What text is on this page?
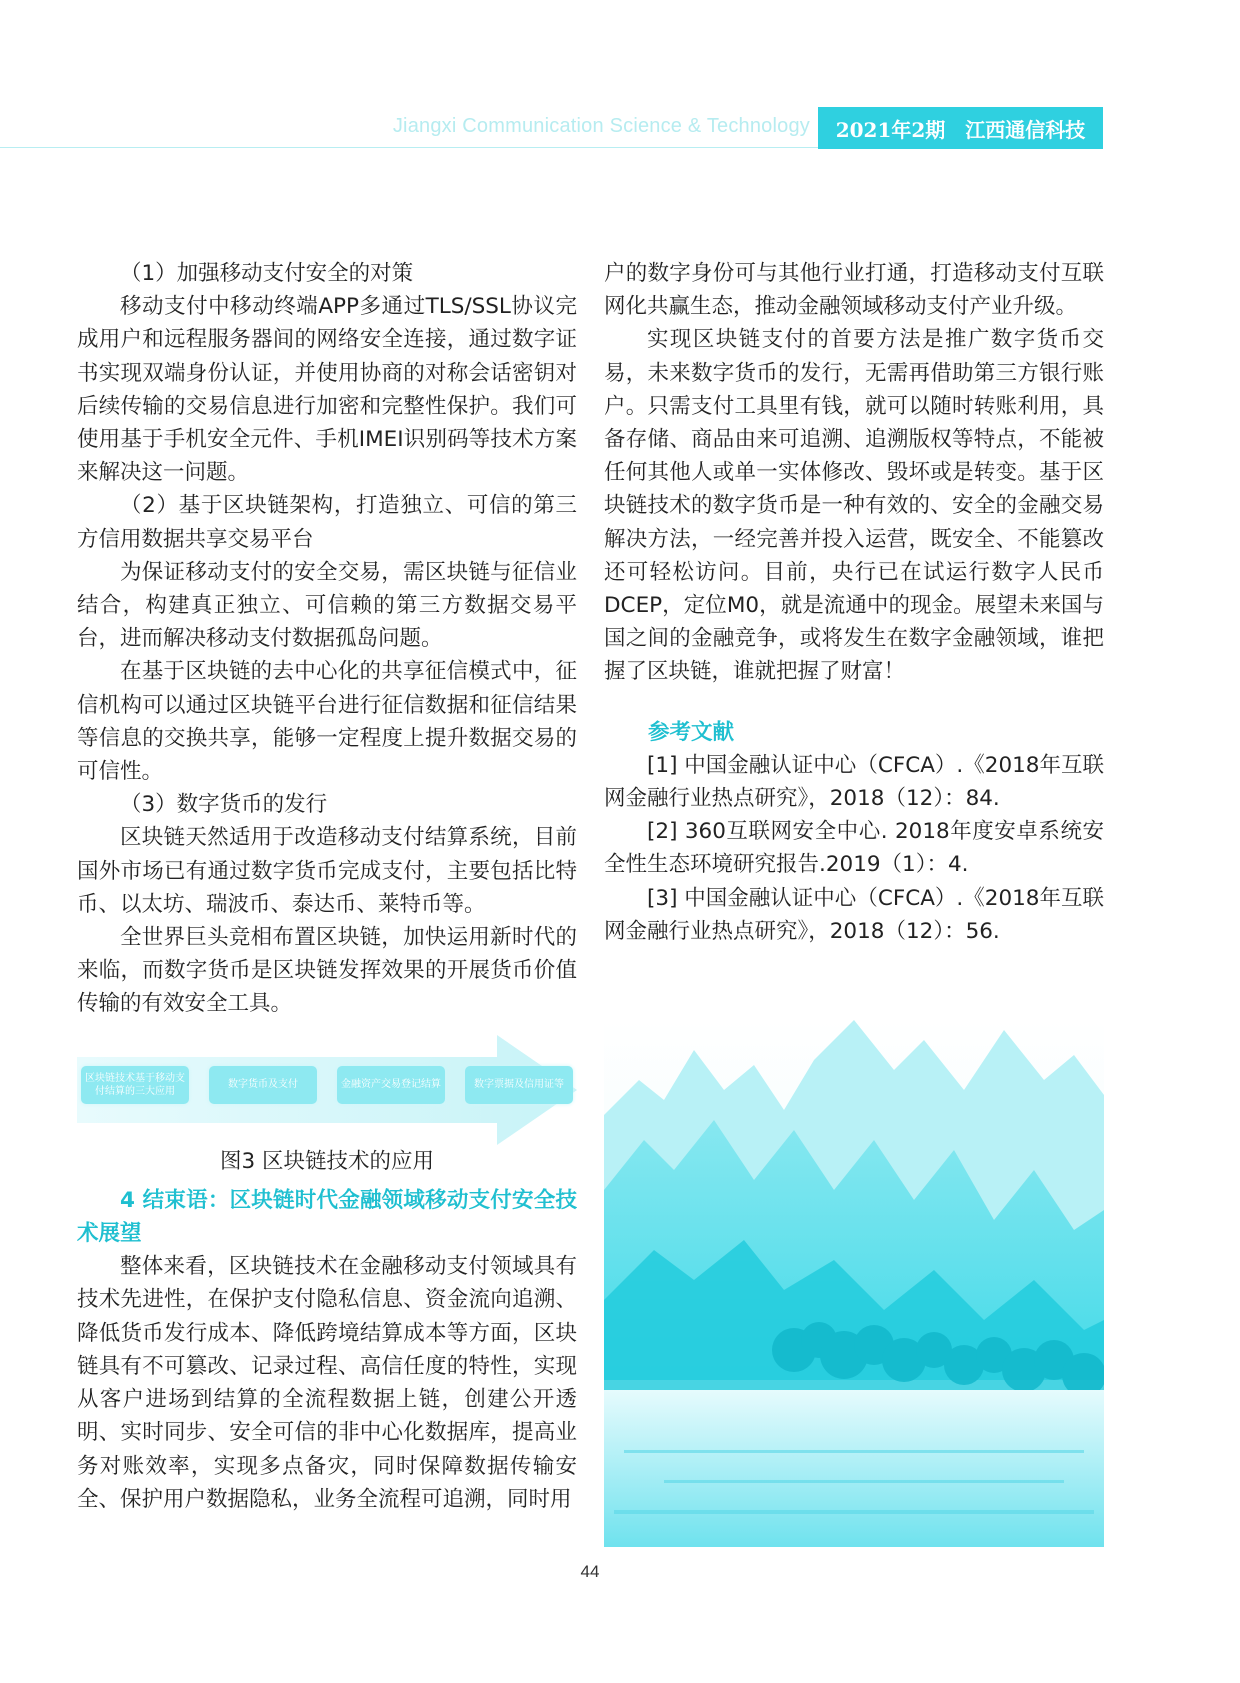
Jiangxi Communication Science & Technology 2021年2期 江西通信科技

（1）加强移动支付安全的对策

移动支付中移动终端APP多通过TLS/SSL协议完成用户和远程服务器间的网络安全连接，通过数字证书实现双端身份认证，并使用协商的对称会话密钥对后续传输的交易信息进行加密和完整性保护。我们可使用基于手机安全元件、手机IMEI识别码等技术方案来解决这一问题。

（2）基于区块链架构，打造独立、可信的第三方信用数据共享交易平台

为保证移动支付的安全交易，需区块链与征信业结合，构建真正独立、可信赖的第三方数据交易平台，进而解决移动支付数据孤岛问题。

在基于区块链的去中心化的共享征信模式中，征信机构可以通过区块链平台进行征信数据和征信结果等信息的交换共享，能够一定程度上提升数据交易的可信性。

（3）数字货币的发行

区块链天然适用于改造移动支付结算系统，目前国外市场已有通过数字货币完成支付，主要包括比特币、以太坊、瑞波币、泰达币、莱特币等。

全世界巨头竞相布置区块链，加快运用新时代的来临，而数字货币是区块链发挥效果的开展货币价值传输的有效安全工具。

区块链技术基于移动支付结算的三大应用
数字货币及支付	金融资产交易登记结算	数字票据及信用证等

图3 区块链技术的应用

4 结束语：区块链时代金融领域移动支付安全技术展望

整体来看，区块链技术在金融移动支付领域具有技术先进性，在保护支付隐私信息、资金流向追溯、降低货币发行成本、降低跨境结算成本等方面，区块链具有不可篡改、记录过程、高信任度的特性，实现从客户进场到结算的全流程数据上链，创建公开透明、实时同步、安全可信的非中心化数据库，提高业务对账效率，实现多点备灾，同时保障数据传输安全、保护用户数据隐私，业务全流程可追溯，同时用

户的数字身份可与其他行业打通，打造移动支付互联网化共赢生态，推动金融领域移动支付产业升级。

实现区块链支付的首要方法是推广数字货币交易，未来数字货币的发行，无需再借助第三方银行账户。只需支付工具里有钱，就可以随时转账利用，具备存储、商品由来可追溯、追溯版权等特点，不能被任何其他人或单一实体修改、毁坏或是转变。基于区块链技术的数字货币是一种有效的、安全的金融交易解决方法，一经完善并投入运营，既安全、不能篡改还可轻松访问。目前，央行已在试运行数字人民币DCEP，定位M0，就是流通中的现金。展望未来国与国之间的金融竞争，或将发生在数字金融领域，谁把握了区块链，谁就把握了财富！

参考文献

[1] 中国金融认证中心（CFCA）.《2018年互联网金融行业热点研究》，2018（12）：84.

[2] 360互联网安全中心. 2018年度安卓系统安全性生态环境研究报告.2019（1）：4.

[3] 中国金融认证中心（CFCA）.《2018年互联网金融行业热点研究》，2018（12）：56.

44
